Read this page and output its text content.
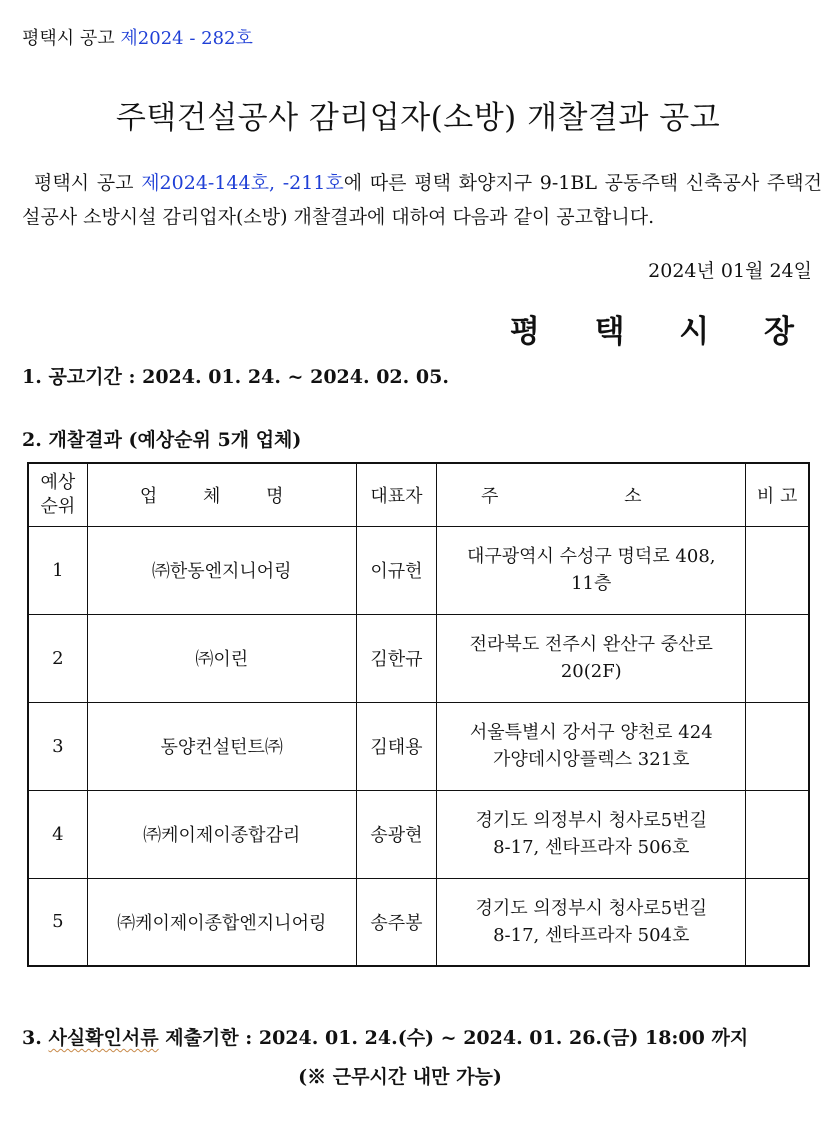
평택시 공고 제2024 - 282호
주택건설공사 감리업자(소방) 개찰결과 공고
평택시 공고 제2024-144호, -211호에 따른 평택 화양지구 9-1BL 공동주택 신축공사 주택건설공사 소방시설 감리업자(소방) 개찰결과에 대하여 다음과 같이 공고합니다.
2024년 01월 24일
평 택 시 장
1. 공고기간 : 2024. 01. 24. ~ 2024. 02. 05.
2. 개찰결과 (예상순위 5개 업체)
예상
순위	업 체 명	대표자	주 소	비 고
1	㈜한동엔지니어링	이규헌	대구광역시 수성구 명덕로 408,
11층	
2	㈜이린	김한규	전라북도 전주시 완산구 중산로
20(2F)	
3	동양컨설턴트㈜	김태용	서울특별시 강서구 양천로 424
가양데시앙플렉스 321호	
4	㈜케이제이종합감리	송광현	경기도 의정부시 청사로5번길
8-17, 센타프라자 506호	
5	㈜케이제이종합엔지니어링	송주봉	경기도 의정부시 청사로5번길
8-17, 센타프라자 504호	
3. 사실확인서류 제출기한 : 2024. 01. 24.(수) ~ 2024. 01. 26.(금) 18:00 까지
(※ 근무시간 내만 가능)
